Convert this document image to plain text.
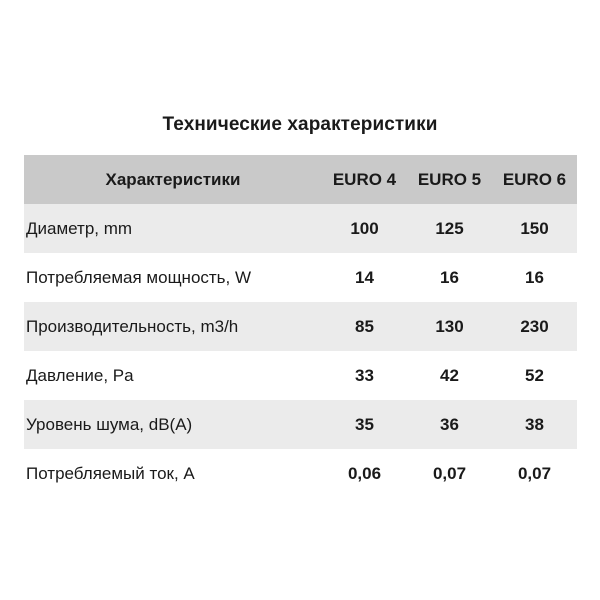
Технические характеристики
Характеристики	EURO 4	EURO 5	EURO 6
Диаметр, mm	100	125	150
Потребляемая мощность, W	14	16	16
Производительность, m3/h	85	130	230
Давление, Pa	33	42	52
Уровень шума, dB(A)	35	36	38
Потребляемый ток, А	0,06	0,07	0,07
